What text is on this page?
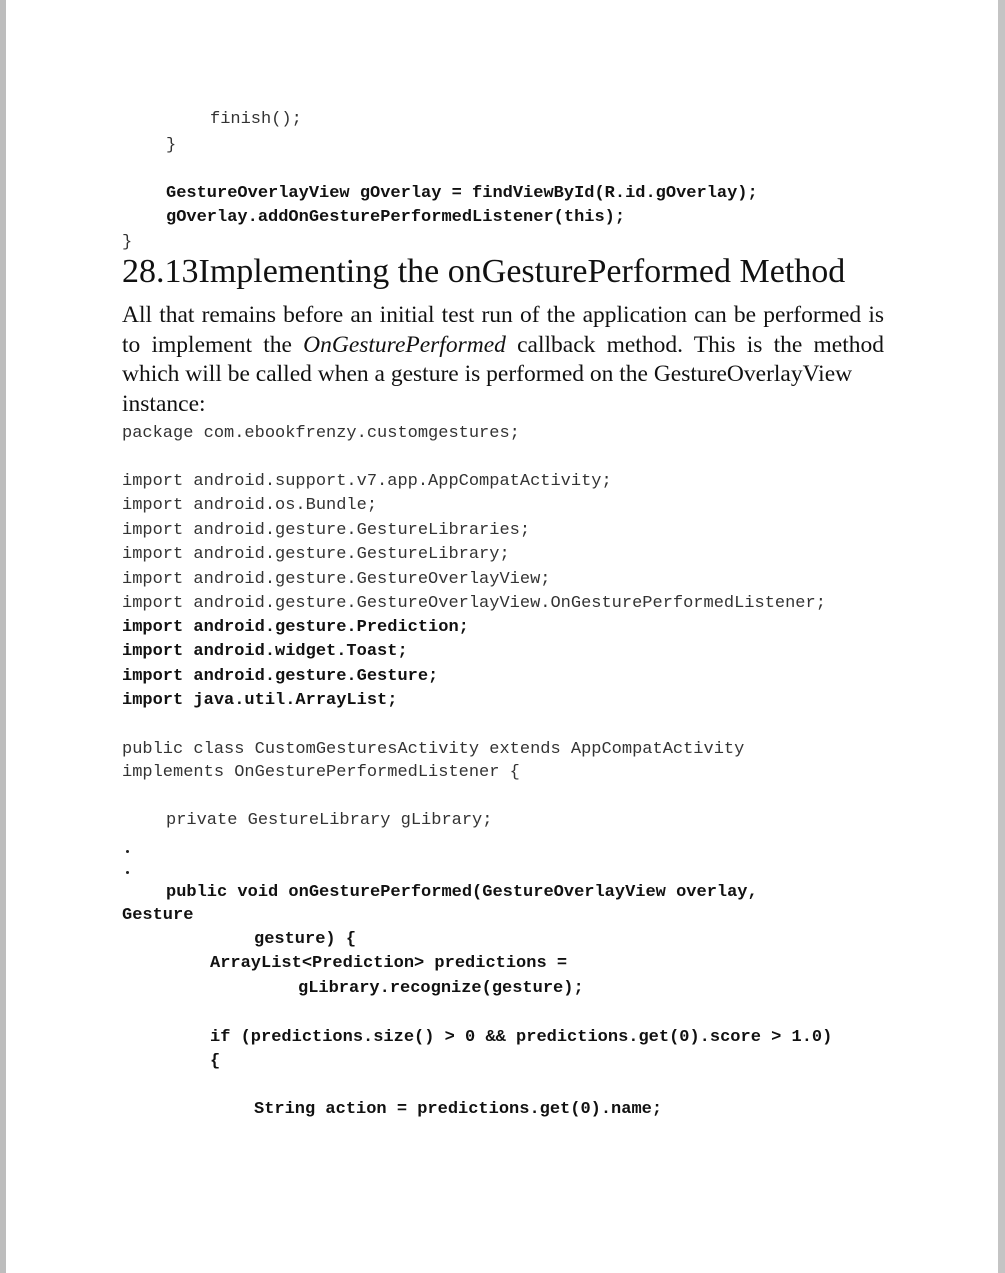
finish();
}
GestureOverlayView gOverlay = findViewById(R.id.gOverlay);
gOverlay.addOnGesturePerformedListener(this);
}
28.13Implementing the onGesturePerformed Method
All that remains before an initial test run of the application can be performed is to implement the OnGesturePerformed callback method. This is the method which will be called when a gesture is performed on the GestureOverlayView
instance:
package com.ebookfrenzy.customgestures;
import android.support.v7.app.AppCompatActivity;
import android.os.Bundle;
import android.gesture.GestureLibraries;
import android.gesture.GestureLibrary;
import android.gesture.GestureOverlayView;
import android.gesture.GestureOverlayView.OnGesturePerformedListener;
import android.gesture.Prediction;
import android.widget.Toast;
import android.gesture.Gesture;
import java.util.ArrayList;
public class CustomGesturesActivity extends AppCompatActivity
implements OnGesturePerformedListener {
private GestureLibrary gLibrary;
public void onGesturePerformed(GestureOverlayView overlay,
Gesture
gesture) {
ArrayList<Prediction> predictions =
gLibrary.recognize(gesture);
if (predictions.size() > 0 && predictions.get(0).score > 1.0)
{
String action = predictions.get(0).name;
